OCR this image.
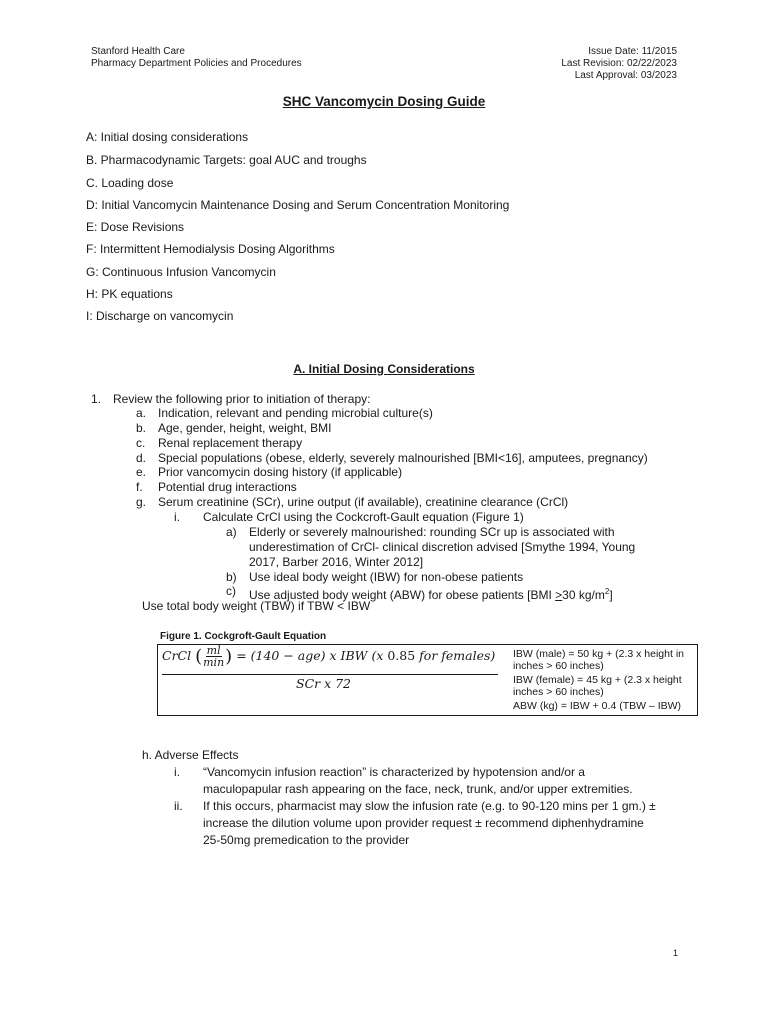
Stanford Health Care
Pharmacy Department Policies and Procedures
Issue Date: 11/2015
Last Revision: 02/22/2023
Last Approval: 03/2023
SHC Vancomycin Dosing Guide
A: Initial dosing considerations
B. Pharmacodynamic Targets: goal AUC and troughs
C. Loading dose
D: Initial Vancomycin Maintenance Dosing and Serum Concentration Monitoring
E: Dose Revisions
F: Intermittent Hemodialysis Dosing Algorithms
G: Continuous Infusion Vancomycin
H: PK equations
I: Discharge on vancomycin
A. Initial Dosing Considerations
1. Review the following prior to initiation of therapy:
a. Indication, relevant and pending microbial culture(s)
b. Age, gender, height, weight, BMI
c. Renal replacement therapy
d. Special populations (obese, elderly, severely malnourished [BMI<16], amputees, pregnancy)
e. Prior vancomycin dosing history (if applicable)
f. Potential drug interactions
g. Serum creatinine (SCr), urine output (if available), creatinine clearance (CrCl)
i. Calculate CrCl using the Cockcroft-Gault equation (Figure 1)
a) Elderly or severely malnourished: rounding SCr up is associated with
underestimation of CrCl- clinical discretion advised [Smythe 1994, Young
2017, Barber 2016, Winter 2012]
b) Use ideal body weight (IBW) for non-obese patients
c) Use adjusted body weight (ABW) for obese patients [BMI ≥30 $kg/m^2$]
Use total body weight (TBW) if TBW < IBW
Figure 1. Cockgroft-Gault Equation
CrCl ( $\frac{ml}{\min}$ ) = (140 − age) x IBW (x 0.85 for females)
SCr x 72
IBW (male) = 50 kg + (2.3 x height in
inches > 60 inches)
IBW (female) = 45 kg + (2.3 x height
inches > 60 inches)
ABW (kg) = IBW + 0.4 (TBW – IBW)
h. Adverse Effects
i. “Vancomycin infusion reaction” is characterized by hypotension and/or a
maculopapular rash appearing on the face, neck, trunk, and/or upper extremities.
ii. If this occurs, pharmacist may slow the infusion rate (e.g. to 90-120 mins per 1 gm.) ±
increase the dilution volume upon provider request ± recommend diphenhydramine
25-50mg premedication to the provider
1
